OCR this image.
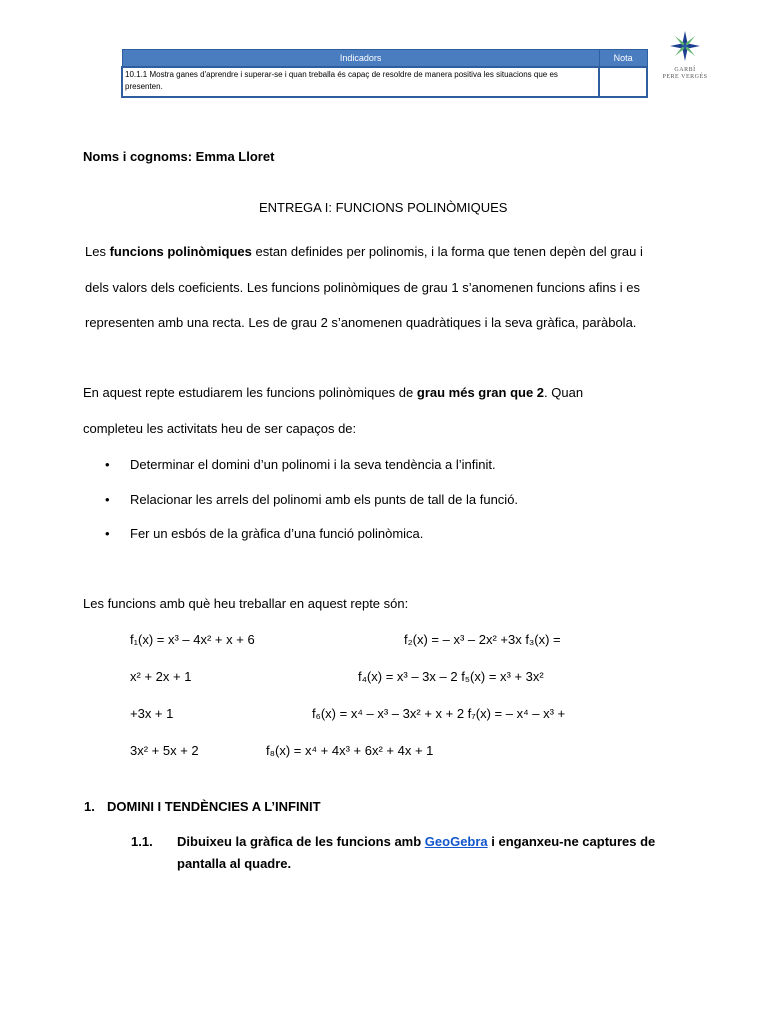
Indicadors	Nota
10.1.1 Mostra ganes d'aprendre i superar-se i quan treballa és capaç de resoldre de manera positiva les situacions que es presenten.	
GARBÍ
PERE VERGÉS
Noms i cognoms: Emma Lloret
ENTREGA I: FUNCIONS POLINÒMIQUES
Les funcions polinòmiques estan definides per polinomis, i la forma que tenen depèn del grau i
dels valors dels coeficients. Les funcions polinòmiques de grau 1 s’anomenen funcions afins i es
representen amb una recta. Les de grau 2 s’anomenen quadràtiques i la seva gràfica, paràbola.
En aquest repte estudiarem les funcions polinòmiques de grau més gran que 2. Quan
completeu les activitats heu de ser capaços de:
• Determinar el domini d’un polinomi i la seva tendència a l’infinit.
• Relacionar les arrels del polinomi amb els punts de tall de la funció.
• Fer un esbós de la gràfica d’una funció polinòmica.
Les funcions amb què heu treballar en aquest repte són:
f₁(x) = x³ – 4x² + x + 6	f₂(x) = – x³ – 2x² +3x f₃(x) =
x² + 2x + 1	f₄(x) = x³ – 3x – 2 f₅(x) = x³ + 3x²
+3x + 1	f₆(x) = x⁴ – x³ – 3x² + x + 2 f₇(x) = – x⁴ – x³ +
3x² + 5x + 2	f₈(x) = x⁴ + 4x³ + 6x² + 4x + 1
1. DOMINI I TENDÈNCIES A L’INFINIT
1.1. Dibuixeu la gràfica de les funcions amb GeoGebra i enganxeu-ne captures de
pantalla al quadre.
